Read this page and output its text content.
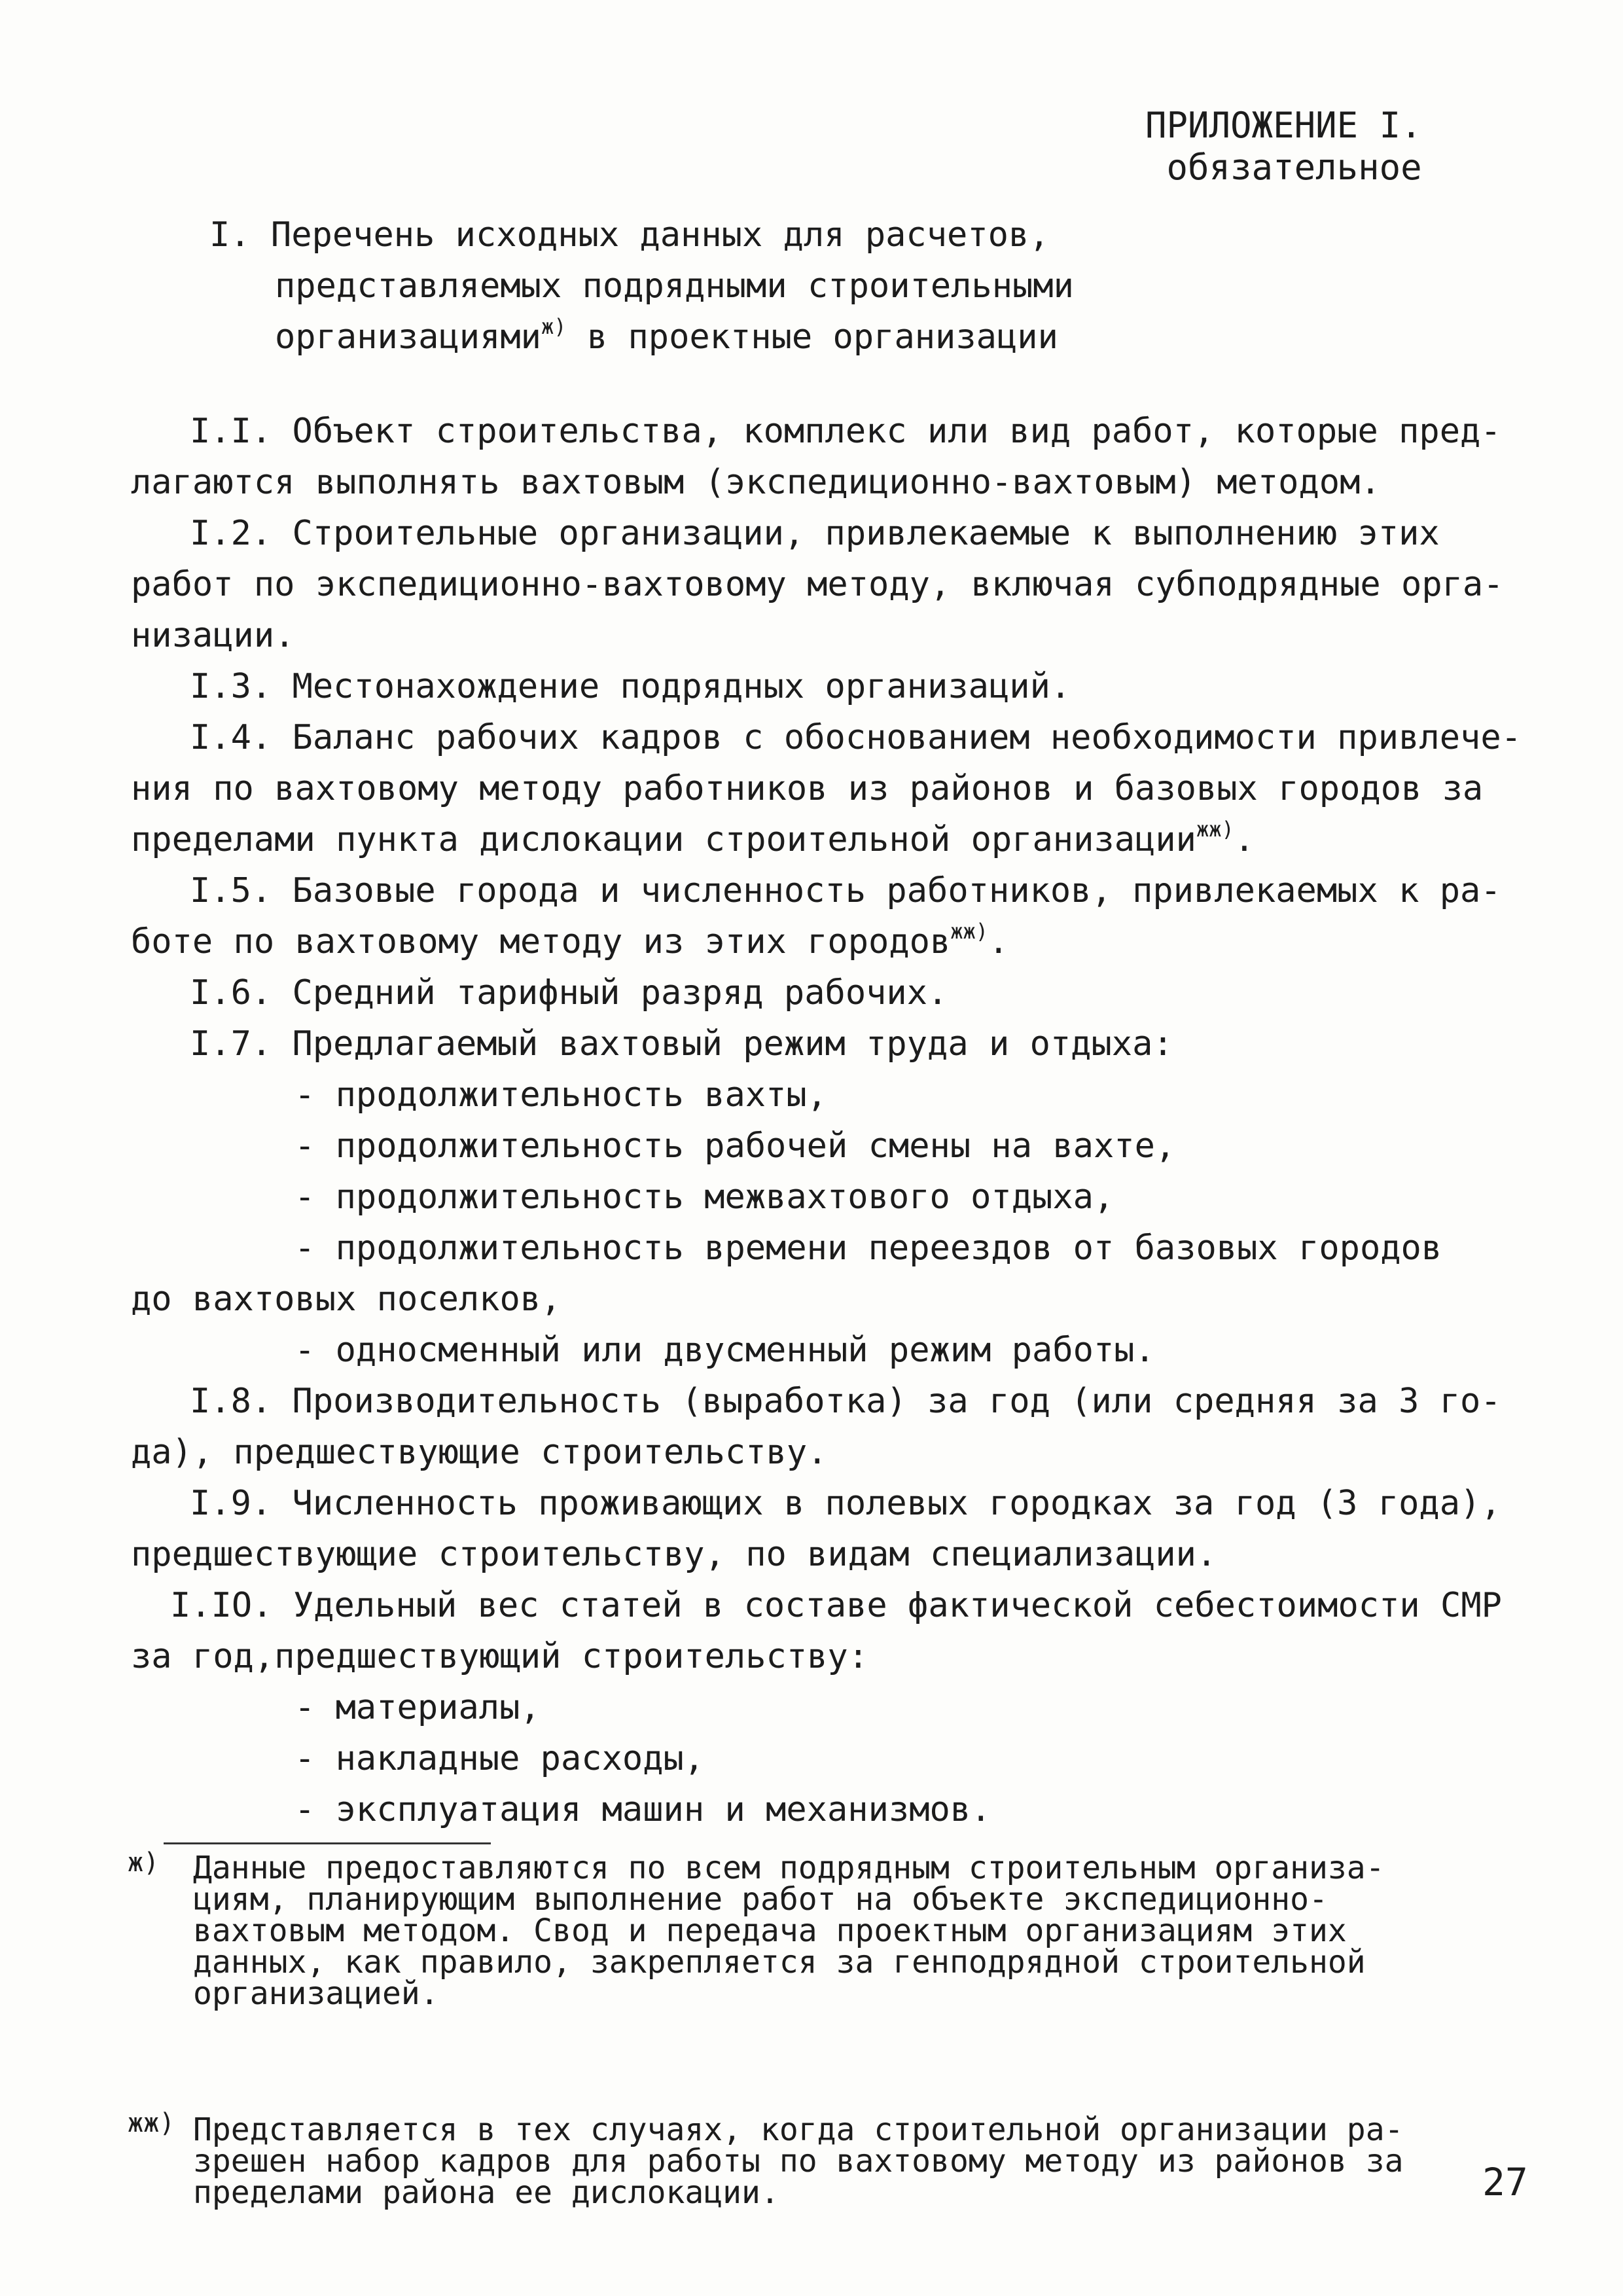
ПРИЛОЖЕНИЕ I.
обязательное
I. Перечень исходных данных для расчетов,
представляемых подрядными строительными
организациями$^{ж)}$ в проектные организации
I.I. Объект строительства, комплекс или вид работ, которые пред-
лагаются выполнять вахтовым (экспедиционно-вахтовым) методом.
I.2. Строительные организации, привлекаемые к выполнению этих
работ по экспедиционно-вахтовому методу, включая субподрядные орга-
низации.
I.3. Местонахождение подрядных организаций.
I.4. Баланс рабочих кадров с обоснованием необходимости привлече-
ния по вахтовому методу работников из районов и базовых городов за
пределами пункта дислокации строительной организации$^{жж)}$.
I.5. Базовые города и численность работников, привлекаемых к ра-
боте по вахтовому методу из этих городов$^{жж)}$.
I.6. Средний тарифный разряд рабочих.
I.7. Предлагаемый вахтовый режим труда и отдыха:
- продолжительность вахты,
- продолжительность рабочей смены на вахте,
- продолжительность межвахтового отдыха,
- продолжительность времени переездов от базовых городов
до вахтовых поселков,
- односменный или двусменный режим работы.
I.8. Производительность (выработка) за год (или средняя за 3 го-
да), предшествующие строительству.
I.9. Численность проживающих в полевых городках за год (3 года),
предшествующие строительству, по видам специализации.
I.IO. Удельный вес статей в составе фактической себестоимости СМР
за год,предшествующий строительству:
- материалы,
- накладные расходы,
- эксплуатация машин и механизмов.
ж)	Данные предоставляются по всем подрядным строительным организа-
циям, планирующим выполнение работ на объекте экспедиционно-
вахтовым методом. Свод и передача проектным организациям этих
данных, как правило, закрепляется за генподрядной строительной
организацией.
жж) Представляется в тех случаях, когда строительной организации ра-
зрешен набор кадров для работы по вахтовому методу из районов за
пределами района ее дислокации.	27
